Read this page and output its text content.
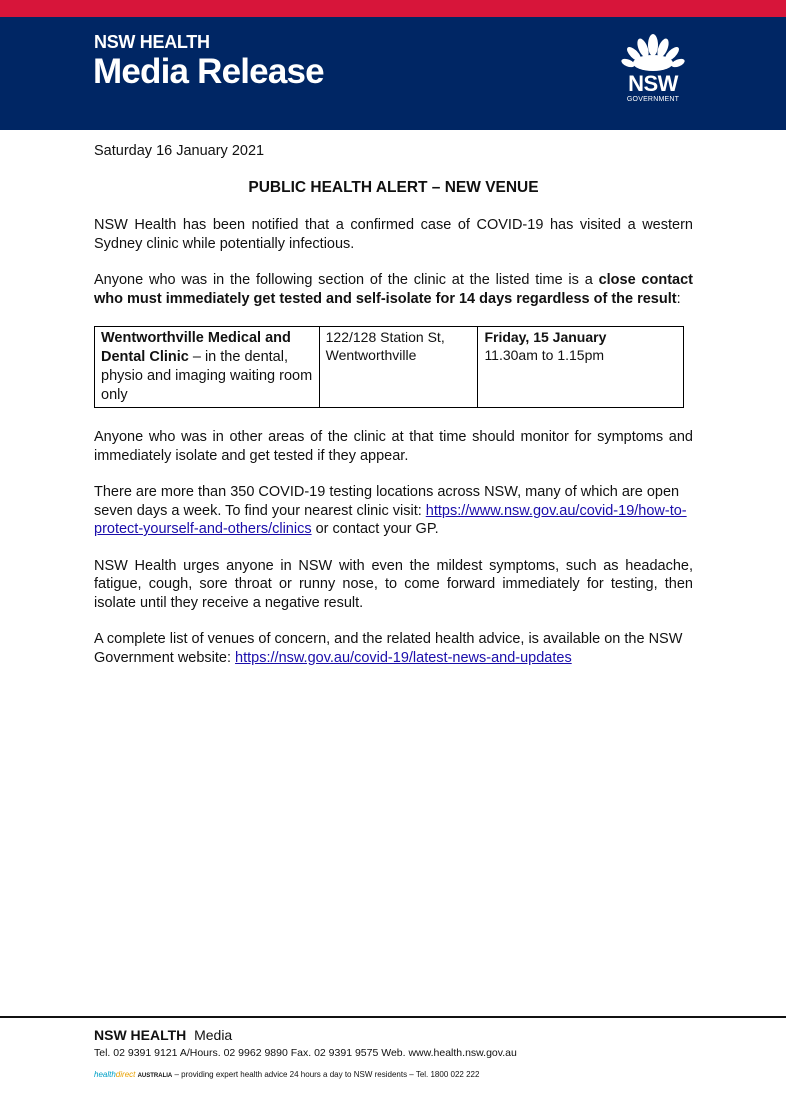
NSW HEALTH
Media Release	NSW
GOVERNMENT
Saturday 16 January 2021
PUBLIC HEALTH ALERT – NEW VENUE

NSW Health has been notified that a confirmed case of COVID-19 has visited a western Sydney clinic while potentially infectious.

Anyone who was in the following section of the clinic at the listed time is a close contact who must immediately get tested and self-isolate for 14 days regardless of the result:

Wentworthville Medical and Dental Clinic – in the dental, physio and imaging waiting room only	122/128 Station St, Wentworthville	Friday, 15 January
11.30am to 1.15pm

Anyone who was in other areas of the clinic at that time should monitor for symptoms and immediately isolate and get tested if they appear.

There are more than 350 COVID-19 testing locations across NSW, many of which are open seven days a week. To find your nearest clinic visit: https://www.nsw.gov.au/covid-19/how-to-protect-yourself-and-others/clinics or contact your GP.

NSW Health urges anyone in NSW with even the mildest symptoms, such as headache, fatigue, cough, sore throat or runny nose, to come forward immediately for testing, then isolate until they receive a negative result.

A complete list of venues of concern, and the related health advice, is available on the NSW Government website: https://nsw.gov.au/covid-19/latest-news-and-updates

NSW HEALTH Media
Tel. 02 9391 9121 A/Hours. 02 9962 9890 Fax. 02 9391 9575 Web. www.health.nsw.gov.au
healthdirect AUSTRALIA – providing expert health advice 24 hours a day to NSW residents – Tel. 1800 022 222
